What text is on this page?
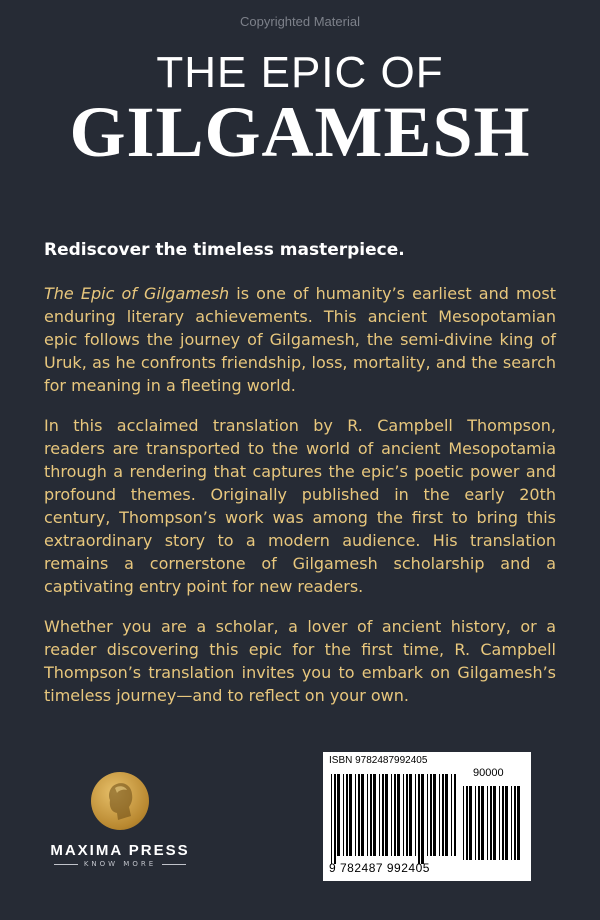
Copyrighted Material
THE EPIC OF
GILGAMESH

Rediscover the timeless masterpiece.

The Epic of Gilgamesh is one of humanity’s earliest and most enduring literary achievements. This ancient Mesopotamian epic follows the journey of Gilgamesh, the semi-divine king of Uruk, as he confronts friendship, loss, mortality, and the search for meaning in a fleeting world.

In this acclaimed translation by R. Campbell Thompson, readers are transported to the world of ancient Mesopotamia through a rendering that captures the epic’s poetic power and profound themes. Originally published in the early 20th century, Thompson’s work was among the first to bring this extraordinary story to a modern audience. His translation remains a cornerstone of Gilgamesh scholarship and a captivating entry point for new readers.

Whether you are a scholar, a lover of ancient history, or a reader discovering this epic for the first time, R. Campbell Thompson’s translation invites you to embark on Gilgamesh’s timeless journey—and to reflect on your own.

MAXIMA PRESS
KNOW MORE
ISBN 9782487992405
90000
9 782487 992405
